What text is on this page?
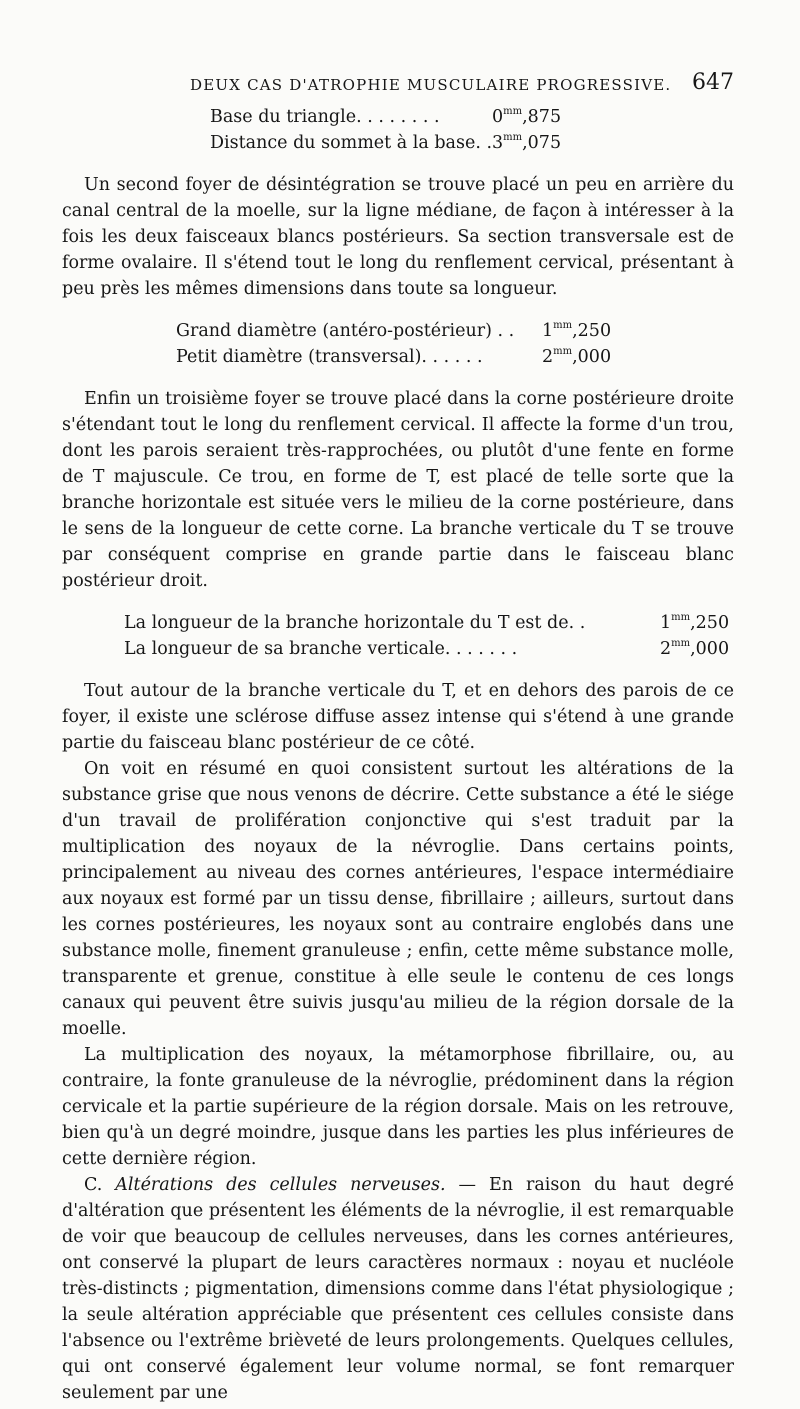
DEUX CAS D'ATROPHIE MUSCULAIRE PROGRESSIVE. 647
Base du triangle. . . . . . . .	$0^{mm},875$
Distance du sommet à la base. $.3^{mm},075$

Un second foyer de désintégration se trouve placé un peu en arrière du canal central de la moelle, sur la ligne médiane, de façon à intéresser à la fois les deux faisceaux blancs postérieurs. Sa section transversale est de forme ovalaire. Il s'étend tout le long du renflement cervical, présentant à peu près les mêmes dimensions dans toute sa longueur.

Grand diamètre (antéro-postérieur) . . $1^{mm},250$
Petit diamètre (transversal). . . . . .	$2^{mm},000$

Enfin un troisième foyer se trouve placé dans la corne postérieure droite s'étendant tout le long du renflement cervical. Il affecte la forme d'un trou, dont les parois seraient très-rapprochées, ou plutôt d'une fente en forme de T majuscule. Ce trou, en forme de T, est placé de telle sorte que la branche horizontale est située vers le milieu de la corne postérieure, dans le sens de la longueur de cette corne. La branche verticale du T se trouve par conséquent comprise en grande partie dans le faisceau blanc postérieur droit.

La longueur de la branche horizontale du T est de. .	$1^{mm},250$
La longueur de sa branche verticale. . . . . . .	$2^{mm},000$

Tout autour de la branche verticale du T, et en dehors des parois de ce foyer, il existe une sclérose diffuse assez intense qui s'étend à une grande partie du faisceau blanc postérieur de ce côté.

On voit en résumé en quoi consistent surtout les altérations de la substance grise que nous venons de décrire. Cette substance a été le siége d'un travail de prolifération conjonctive qui s'est traduit par la multiplication des noyaux de la névroglie. Dans certains points, principalement au niveau des cornes antérieures, l'espace intermédiaire aux noyaux est formé par un tissu dense, fibrillaire ; ailleurs, surtout dans les cornes postérieures, les noyaux sont au contraire englobés dans une substance molle, finement granuleuse ; enfin, cette même substance molle, transparente et grenue, constitue à elle seule le contenu de ces longs canaux qui peuvent être suivis jusqu'au milieu de la région dorsale de la moelle.

La multiplication des noyaux, la métamorphose fibrillaire, ou, au contraire, la fonte granuleuse de la névroglie, prédominent dans la région cervicale et la partie supérieure de la région dorsale. Mais on les retrouve, bien qu'à un degré moindre, jusque dans les parties les plus inférieures de cette dernière région.

C. Altérations des cellules nerveuses. — En raison du haut degré d'altération que présentent les éléments de la névroglie, il est remarquable de voir que beaucoup de cellules nerveuses, dans les cornes antérieures, ont conservé la plupart de leurs caractères normaux : noyau et nucléole très-distincts ; pigmentation, dimensions comme dans l'état physiologique ; la seule altération appréciable que présentent ces cellules consiste dans l'absence ou l'extrême brièveté de leurs prolongements. Quelques cellules, qui ont conservé également leur volume normal, se font remarquer seulement par une
